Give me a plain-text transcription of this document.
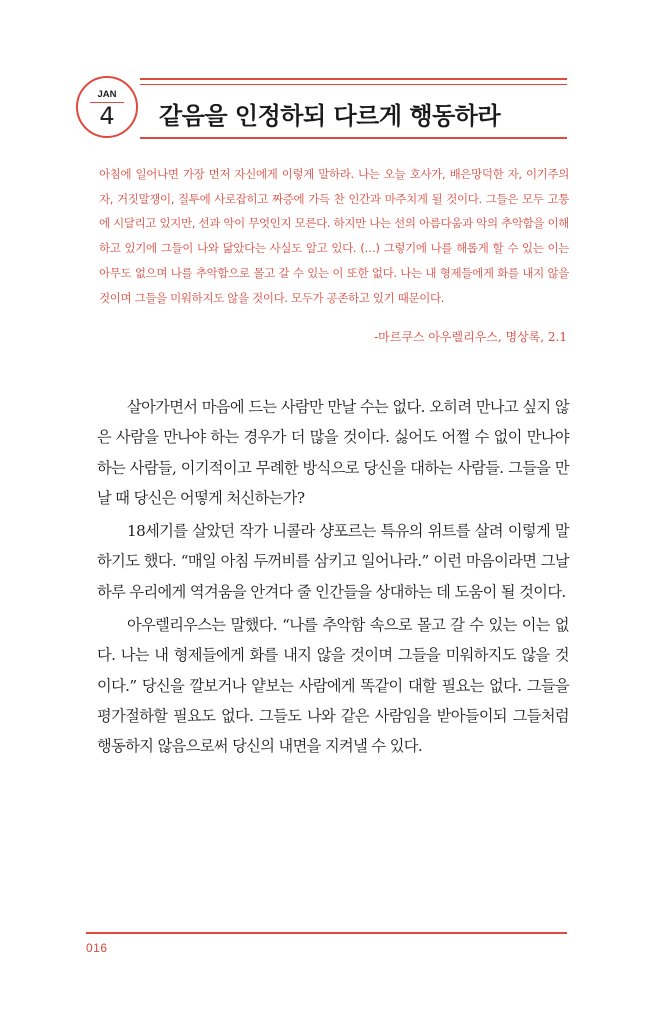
JAN
4	같음을 인정하되 다르게 행동하라
아침에 일어나면 가장 먼저 자신에게 이렇게 말하라. 나는 오늘 호사가, 배은망덕한 자, 이기주의자, 거짓말쟁이, 질투에 사로잡히고 짜증에 가득 찬 인간과 마주치게 될 것이다. 그들은 모두 고통에 시달리고 있지만, 선과 악이 무엇인지 모른다. 하지만 나는 선의 아름다움과 악의 추악함을 이해하고 있기에 그들이 나와 닮았다는 사실도 알고 있다. (…) 그렇기에 나를 해롭게 할 수 있는 이는 아무도 없으며 나를 추악함으로 몰고 갈 수 있는 이 또한 없다. 나는 내 형제들에게 화를 내지 않을 것이며 그들을 미워하지도 않을 것이다. 모두가 공존하고 있기 때문이다.
-마르쿠스 아우렐리우스, 명상록, 2.1

살아가면서 마음에 드는 사람만 만날 수는 없다. 오히려 만나고 싶지 않은 사람을 만나야 하는 경우가 더 많을 것이다. 싫어도 어쩔 수 없이 만나야 하는 사람들, 이기적이고 무례한 방식으로 당신을 대하는 사람들. 그들을 만날 때 당신은 어떻게 처신하는가?

18세기를 살았던 작가 니콜라 샹포르는 특유의 위트를 살려 이렇게 말하기도 했다. “매일 아침 두꺼비를 삼키고 일어나라.” 이런 마음이라면 그날 하루 우리에게 역겨움을 안겨다 줄 인간들을 상대하는 데 도움이 될 것이다.

아우렐리우스는 말했다. “나를 추악함 속으로 몰고 갈 수 있는 이는 없다. 나는 내 형제들에게 화를 내지 않을 것이며 그들을 미워하지도 않을 것이다.” 당신을 깔보거나 얕보는 사람에게 똑같이 대할 필요는 없다. 그들을 평가절하할 필요도 없다. 그들도 나와 같은 사람임을 받아들이되 그들처럼 행동하지 않음으로써 당신의 내면을 지켜낼 수 있다.

016
